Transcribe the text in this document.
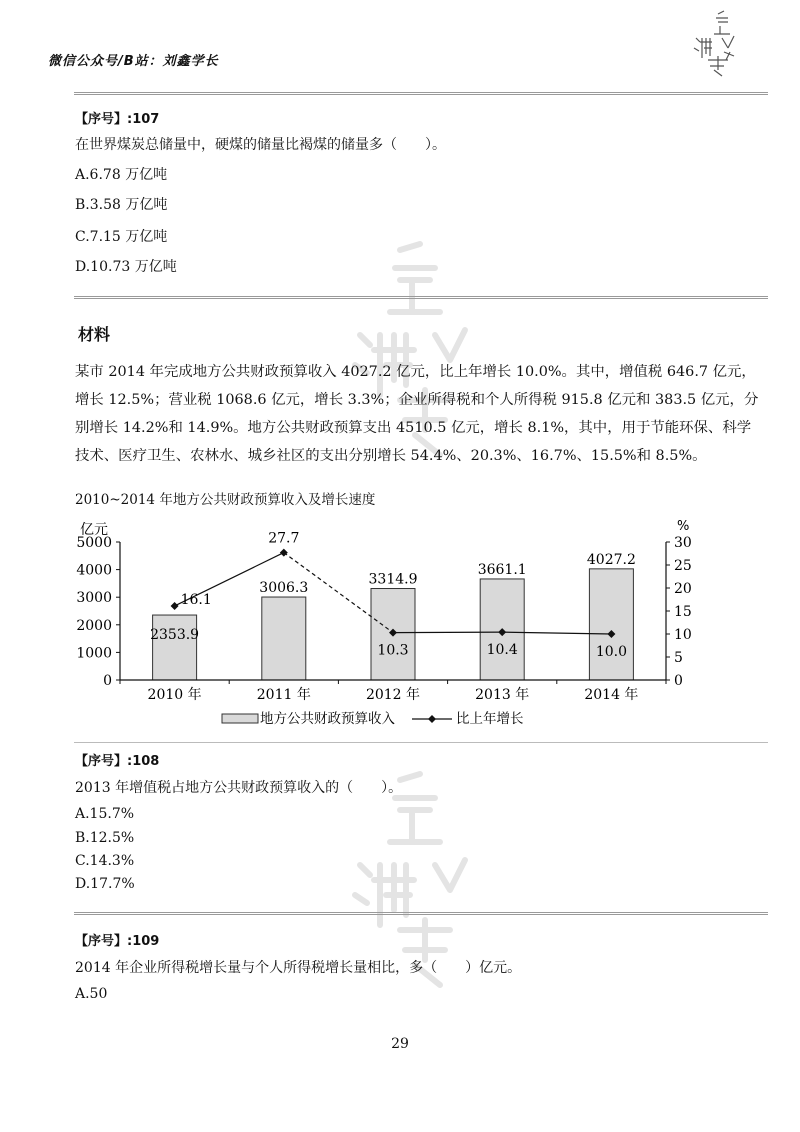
微信公众号/B站：刘鑫学长
【序号】:107
在世界煤炭总储量中，硬煤的储量比褐煤的储量多（　　）。
A.6.78 万亿吨
B.3.58 万亿吨
C.7.15 万亿吨
D.10.73 万亿吨
材料
某市 2014 年完成地方公共财政预算收入 4027.2 亿元，比上年增长 10.0%。其中，增值税 646.7 亿元，增长 12.5%；营业税 1068.6 亿元，增长 3.3%；企业所得税和个人所得税 915.8 亿元和 383.5 亿元，分别增长 14.2%和 14.9%。地方公共财政预算支出 4510.5 亿元，增长 8.1%，其中，用于节能环保、科学技术、医疗卫生、农林水、城乡社区的支出分别增长 54.4%、20.3%、16.7%、15.5%和 8.5%。
2010~2014 年地方公共财政预算收入及增长速度
亿元	%
0
1000
2000
3000
4000
5000
0
5
10
15
20
25
30
2010 年	2011 年	2012 年	2013 年	2014 年
2353.9
3006.3
3314.9
3661.1
4027.2
16.1
27.7
10.3	10.4	10.0
地方公共财政预算收入	比上年增长
【序号】:108
2013 年增值税占地方公共财政预算收入的（　　）。
A.15.7%
B.12.5%
C.14.3%
D.17.7%
【序号】:109
2014 年企业所得税增长量与个人所得税增长量相比，多（　　）亿元。
A.50
29
